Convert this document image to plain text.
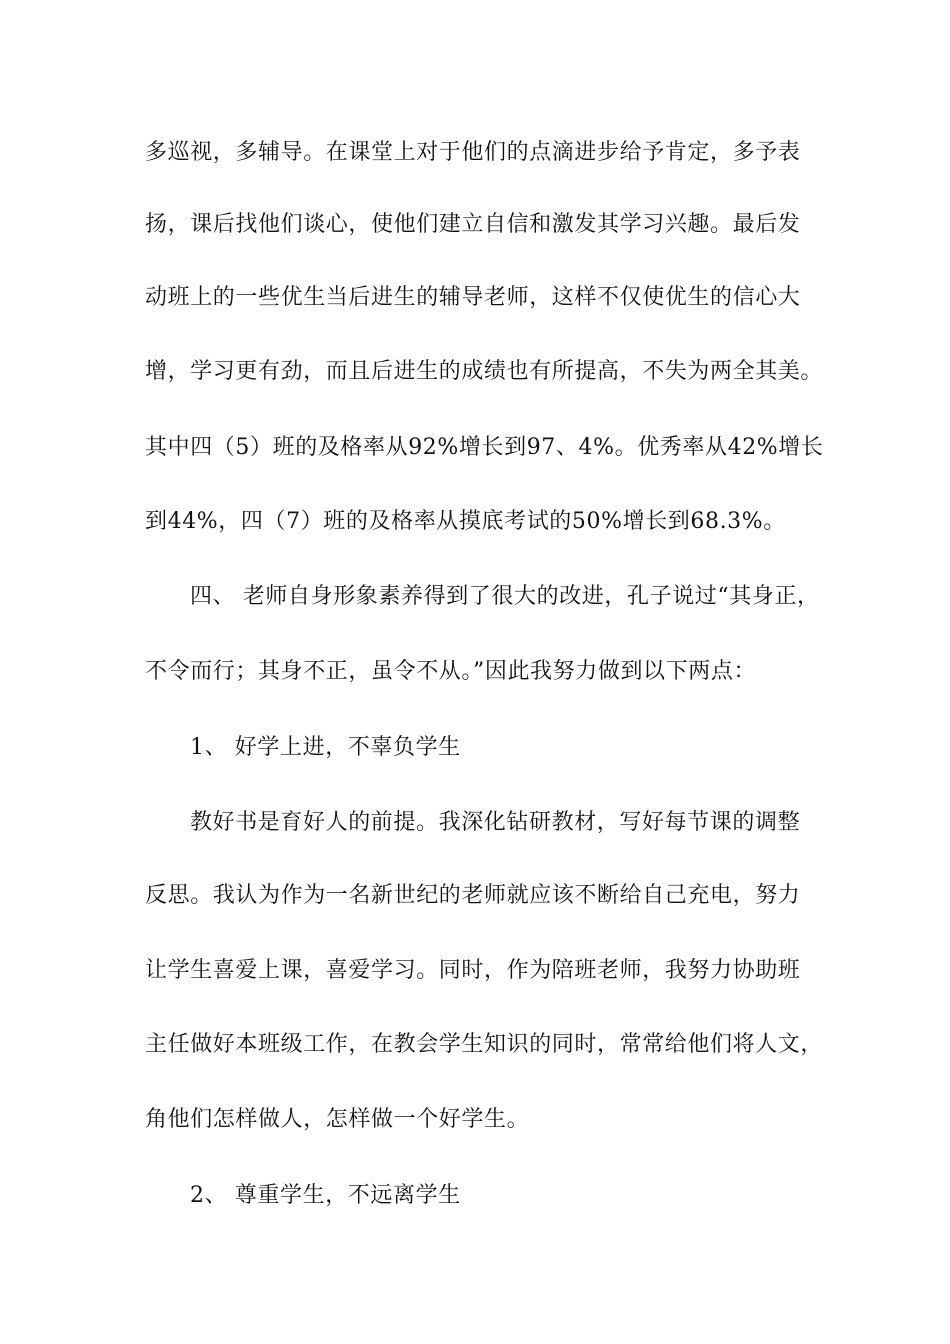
多巡视，多辅导。在课堂上对于他们的点滴进步给予肯定，多予表
扬，课后找他们谈心，使他们建立自信和激发其学习兴趣。最后发
动班上的一些优生当后进生的辅导老师，这样不仅使优生的信心大
增，学习更有劲，而且后进生的成绩也有所提高，不失为两全其美。
其中四（5）班的及格率从92%增长到97、4%。优秀率从42%增长
到44%，四（7）班的及格率从摸底考试的50%增长到68.3%。
四、 老师自身形象素养得到了很大的改进，孔子说过“其身正，
不令而行；其身不正，虽令不从。”因此我努力做到以下两点：
1、 好学上进，不辜负学生
教好书是育好人的前提。我深化钻研教材，写好每节课的调整
反思。我认为作为一名新世纪的老师就应该不断给自己充电，努力
让学生喜爱上课，喜爱学习。同时，作为陪班老师，我努力协助班
主任做好本班级工作，在教会学生知识的同时，常常给他们将人文，
角他们怎样做人，怎样做一个好学生。
2、 尊重学生，不远离学生
